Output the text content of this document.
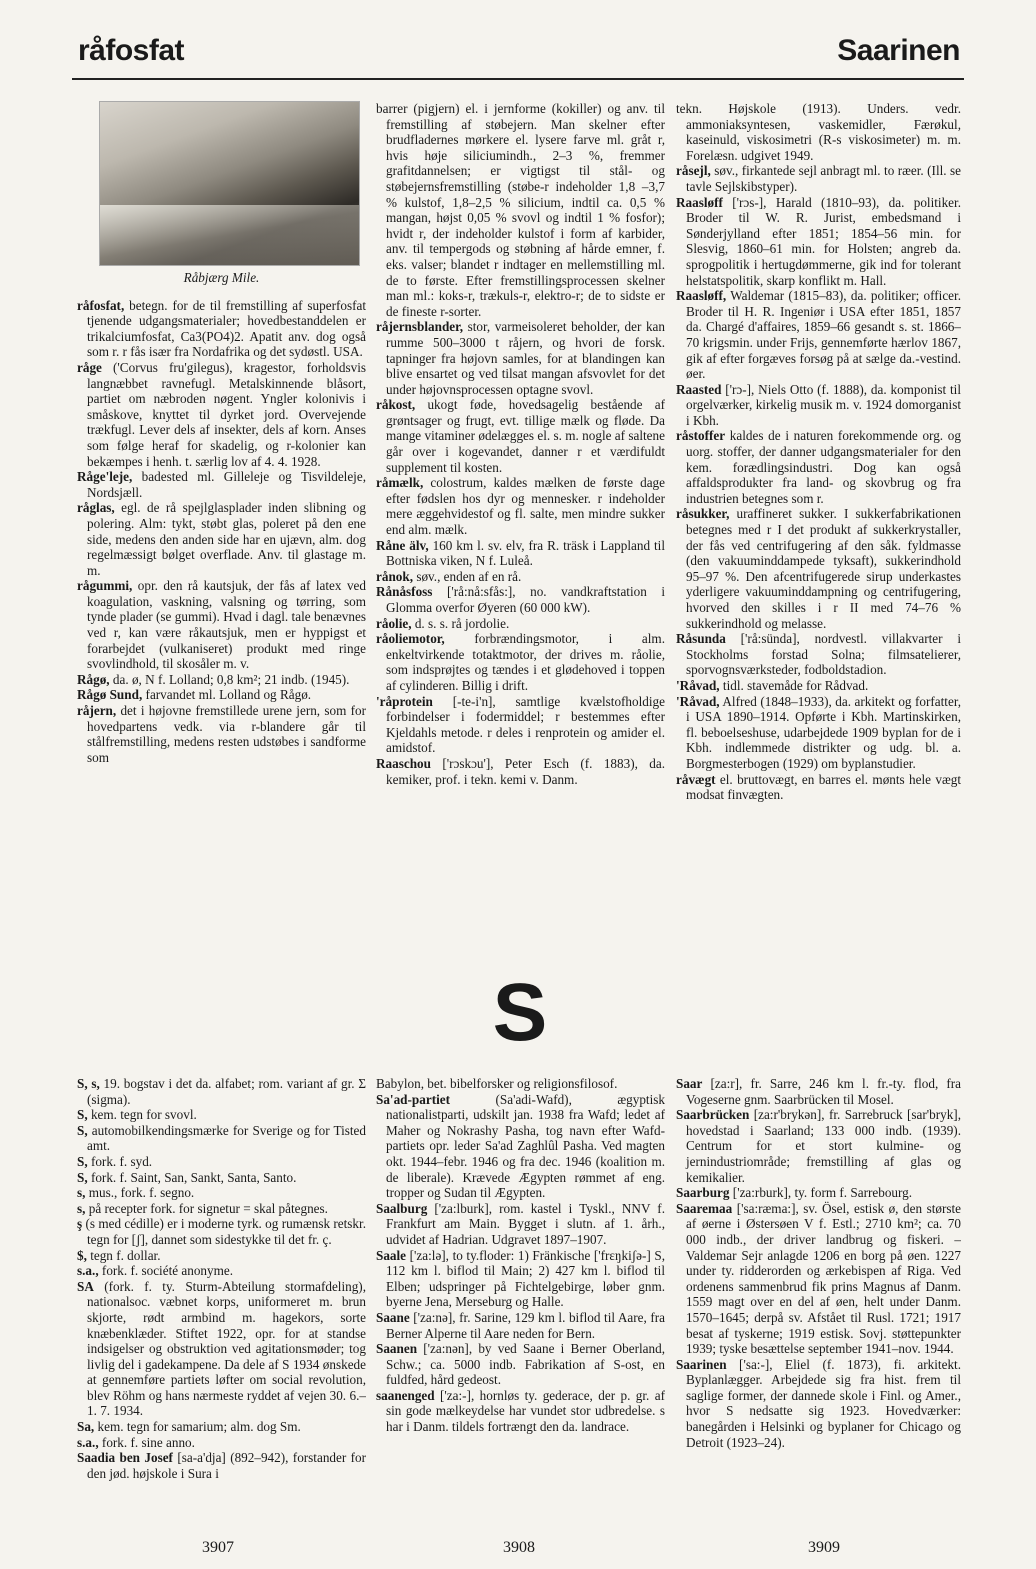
råfosfat	Saarinen

Råbjærg Mile.

råfosfat, betegn. for de til fremstilling af superfosfat tjenende udgangsmaterialer; hovedbestanddelen er trikalciumfosfat, Ca3(PO4)2. Apatit anv. dog også som r. r fås især fra Nordafrika og det sydøstl. USA.

råge ('Corvus fru'gilegus), kragestor, forholdsvis langnæbbet ravnefugl. Metalskinnende blåsort, partiet om næbroden nøgent. Yngler kolonivis i småskove, knyttet til dyrket jord. Overvejende trækfugl. Lever dels af insekter, dels af korn. Anses som følge heraf for skadelig, og r-kolonier kan bekæmpes i henh. t. særlig lov af 4. 4. 1928.

Råge'leje, badested ml. Gilleleje og Tisvildeleje, Nordsjæll.

råglas, egl. de rå spejlglasplader inden slibning og polering. Alm: tykt, støbt glas, poleret på den ene side, medens den anden side har en ujævn, alm. dog regelmæssigt bølget overflade. Anv. til glastage m. m.

rågummi, opr. den rå kautsjuk, der fås af latex ved koagulation, vaskning, valsning og tørring, som tynde plader (se gummi). Hvad i dagl. tale benævnes ved r, kan være råkautsjuk, men er hyppigst et forarbejdet (vulkaniseret) produkt med ringe svovlindhold, til skosåler m. v.

Rågø, da. ø, N f. Lolland; 0,8 km²; 21 indb. (1945).

Rågø Sund, farvandet ml. Lolland og Rågø.

råjern, det i højovne fremstillede urene jern, som for hovedpartens vedk. via r-blandere går til stålfremstilling, medens resten udstøbes i sandforme som

barrer (pigjern) el. i jernforme (kokiller) og anv. til fremstilling af støbejern. Man skelner efter brudfladernes mørkere el. lysere farve ml. gråt r, hvis høje siliciumindh., 2–3 %, fremmer grafitdannelsen; er vigtigst til stål- og støbejernsfremstilling (støbe-r indeholder 1,8 –3,7 % kulstof, 1,8–2,5 % silicium, indtil ca. 0,5 % mangan, højst 0,05 % svovl og indtil 1 % fosfor); hvidt r, der indeholder kulstof i form af karbider, anv. til tempergods og støbning af hårde emner, f. eks. valser; blandet r indtager en mellemstilling ml. de to første. Efter fremstillingsprocessen skelner man ml.: koks-r, trækuls-r, elektro-r; de to sidste er de fineste r-sorter.

råjernsblander, stor, varmeisoleret beholder, der kan rumme 500–3000 t råjern, og hvori de forsk. tapninger fra højovn samles, for at blandingen kan blive ensartet og ved tilsat mangan afsvovlet for det under højovnsprocessen optagne svovl.

råkost, ukogt føde, hovedsagelig bestående af grøntsager og frugt, evt. tillige mælk og fløde. Da mange vitaminer ødelægges el. s. m. nogle af saltene går over i kogevandet, danner r et værdifuldt supplement til kosten.

råmælk, colostrum, kaldes mælken de første dage efter fødslen hos dyr og mennesker. r indeholder mere æggehvidestof og fl. salte, men mindre sukker end alm. mælk.

Råne älv, 160 km l. sv. elv, fra R. träsk i Lappland til Bottniska viken, N f. Luleå.

rånok, søv., enden af en rå.

Rånåsfoss ['rå:nå:sfås:], no. vandkraftstation i Glomma overfor Øyeren (60 000 kW).

råolie, d. s. s. rå jordolie.

råoliemotor, forbrændingsmotor, i alm. enkeltvirkende totaktmotor, der drives m. råolie, som indsprøjtes og tændes i et glødehoved i toppen af cylinderen. Billig i drift.

'råprotein [-te-i'n], samtlige kvælstofholdige forbindelser i fodermiddel; r bestemmes efter Kjeldahls metode. r deles i renprotein og amider el. amidstof.

Raaschou ['rɔskɔu'], Peter Esch (f. 1883), da. kemiker, prof. i tekn. kemi v. Danm.

tekn. Højskole (1913). Unders. vedr. ammoniaksyntesen, vaskemidler, Færøkul, kaseinuld, viskosimetri (R-s viskosimeter) m. m. Forelæsn. udgivet 1949.

råsejl, søv., firkantede sejl anbragt ml. to ræer. (Ill. se tavle Sejlskibstyper).

Raasløff ['rɔs-], Harald (1810–93), da. politiker. Broder til W. R. Jurist, embedsmand i Sønderjylland efter 1851; 1854–56 min. for Slesvig, 1860–61 min. for Holsten; angreb da. sprogpolitik i hertugdømmerne, gik ind for tolerant helstatspolitik, skarp konflikt m. Hall.

Raasløff, Waldemar (1815–83), da. politiker; officer. Broder til H. R. Ingeniør i USA efter 1851, 1857 da. Chargé d'affaires, 1859–66 gesandt s. st. 1866–70 krigsmin. under Frijs, gennemførte hærlov 1867, gik af efter forgæves forsøg på at sælge da.-vestind. øer.

Raasted ['rɔ-], Niels Otto (f. 1888), da. komponist til orgelværker, kirkelig musik m. v. 1924 domorganist i Kbh.

råstoffer kaldes de i naturen forekommende org. og uorg. stoffer, der danner udgangsmaterialer for den kem. forædlingsindustri. Dog kan også affaldsprodukter fra land- og skovbrug og fra industrien betegnes som r.

råsukker, uraffineret sukker. I sukkerfabrikationen betegnes med r I det produkt af sukkerkrystaller, der fås ved centrifugering af den såk. fyldmasse (den vakuuminddampede tyksaft), sukkerindhold 95–97 %. Den afcentrifugerede sirup underkastes yderligere vakuuminddampning og centrifugering, hvorved den skilles i r II med 74–76 % sukkerindhold og melasse.

Råsunda ['rå:sünda], nordvestl. villakvarter i Stockholms forstad Solna; filmsatelierer, sporvognsværksteder, fodboldstadion.

'Råvad, tidl. stavemåde for Rådvad.

'Råvad, Alfred (1848–1933), da. arkitekt og forfatter, i USA 1890–1914. Opførte i Kbh. Martinskirken, fl. beboelseshuse, udarbejdede 1909 byplan for de i Kbh. indlemmede distrikter og udg. bl. a. Borgmesterbogen (1929) om byplanstudier.

råvægt el. bruttovægt, en barres el. mønts hele vægt modsat finvægten.

S

S, s, 19. bogstav i det da. alfabet; rom. variant af gr. Σ (sigma).

S, kem. tegn for svovl.

S, automobilkendingsmærke for Sverige og for Tisted amt.

S, fork. f. syd.

S, fork. f. Saint, San, Sankt, Santa, Santo.

s, mus., fork. f. segno.

s, på recepter fork. for signetur = skal påtegnes.

ş (s med cédille) er i moderne tyrk. og rumænsk retskr. tegn for [ʃ], dannet som sidestykke til det fr. ç.

$, tegn f. dollar.

s.a., fork. f. société anonyme.

SA (fork. f. ty. Sturm-Abteilung stormafdeling), nationalsoc. væbnet korps, uniformeret m. brun skjorte, rødt armbind m. hagekors, sorte knæbenklæder. Stiftet 1922, opr. for at standse indsigelser og obstruktion ved agitationsmøder; tog livlig del i gadekampene. Da dele af S 1934 ønskede at gennemføre partiets løfter om social revolution, blev Röhm og hans nærmeste ryddet af vejen 30. 6.–1. 7. 1934.

Sa, kem. tegn for samarium; alm. dog Sm.

s.a., fork. f. sine anno.

Saadia ben Josef [sa-a'dja] (892–942), forstander for den jød. højskole i Sura i

Babylon, bet. bibelforsker og religionsfilosof.

Sa'ad-partiet (Sa'adi-Wafd), ægyptisk nationalistparti, udskilt jan. 1938 fra Wafd; ledet af Maher og Nokrashy Pasha, tog navn efter Wafd-partiets opr. leder Sa'ad Zaghlûl Pasha. Ved magten okt. 1944–febr. 1946 og fra dec. 1946 (koalition m. de liberale). Krævede Ægypten rømmet af eng. tropper og Sudan til Ægypten.

Saalburg ['za:lburk], rom. kastel i Tyskl., NNV f. Frankfurt am Main. Bygget i slutn. af 1. årh., udvidet af Hadrian. Udgravet 1897–1907.

Saale ['za:lə], to ty.floder: 1) Fränkische ['frɛŋkiʃə-] S, 112 km l. biflod til Main; 2) 427 km l. biflod til Elben; udspringer på Fichtelgebirge, løber gnm. byerne Jena, Merseburg og Halle.

Saane ['za:nə], fr. Sarine, 129 km l. biflod til Aare, fra Berner Alperne til Aare neden for Bern.

Saanen ['za:nən], by ved Saane i Berner Oberland, Schw.; ca. 5000 indb. Fabrikation af S-ost, en fuldfed, hård gedeost.

saanenged ['za:-], hornløs ty. gederace, der p. gr. af sin gode mælkeydelse har vundet stor udbredelse. s har i Danm. tildels fortrængt den da. landrace.

Saar [za:r], fr. Sarre, 246 km l. fr.-ty. flod, fra Vogeserne gnm. Saarbrücken til Mosel.

Saarbrücken [za:r'brykən], fr. Sarrebruck [sar'bryk], hovedstad i Saarland; 133 000 indb. (1939). Centrum for et stort kulmine- og jernindustriområde; fremstilling af glas og kemikalier.

Saarburg ['za:rburk], ty. form f. Sarrebourg.

Saaremaa ['sa:ræma:], sv. Ösel, estisk ø, den største af øerne i Østersøen V f. Estl.; 2710 km²; ca. 70 000 indb., der driver landbrug og fiskeri. – Valdemar Sejr anlagde 1206 en borg på øen. 1227 under ty. ridderorden og ærkebispen af Riga. Ved ordenens sammenbrud fik prins Magnus af Danm. 1559 magt over en del af øen, helt under Danm. 1570–1645; derpå sv. Afstået til Rusl. 1721; 1917 besat af tyskerne; 1919 estisk. Sovj. støttepunkter 1939; tyske besættelse september 1941–nov. 1944.

Saarinen ['sa:-], Eliel (f. 1873), fi. arkitekt. Byplanlægger. Arbejdede sig fra hist. frem til saglige former, der dannede skole i Finl. og Amer., hvor S nedsatte sig 1923. Hovedværker: banegården i Helsinki og byplaner for Chicago og Detroit (1923–24).

3907	3908	3909
